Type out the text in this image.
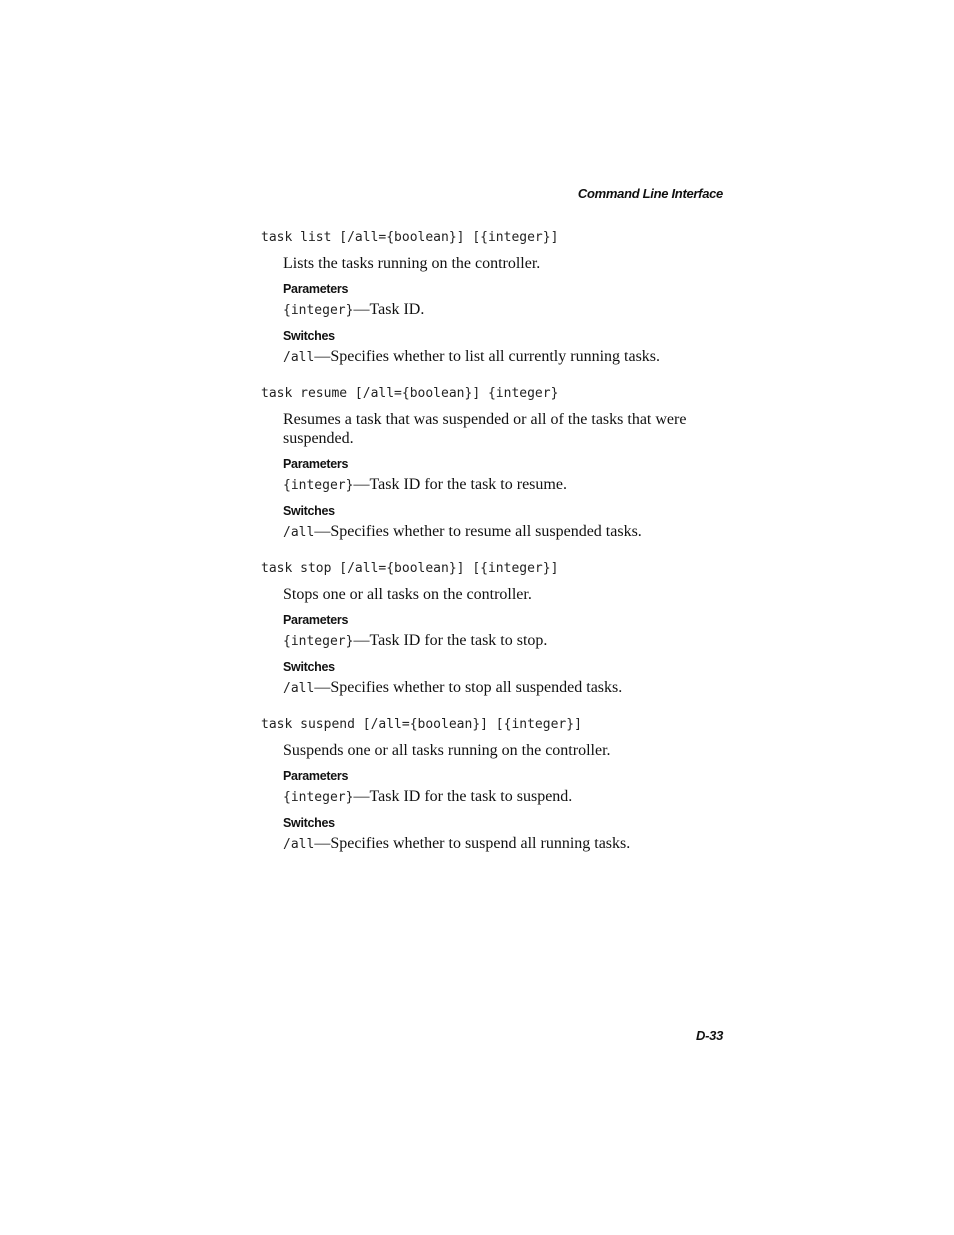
Command Line Interface

task list [/all={boolean}] [{integer}]

Lists the tasks running on the controller.

Parameters

{integer}—Task ID.

Switches

/all—Specifies whether to list all currently running tasks.

task resume [/all={boolean}] {integer}

Resumes a task that was suspended or all of the tasks that were suspended.

Parameters

{integer}—Task ID for the task to resume.

Switches

/all—Specifies whether to resume all suspended tasks.

task stop [/all={boolean}] [{integer}]

Stops one or all tasks on the controller.

Parameters

{integer}—Task ID for the task to stop.

Switches

/all—Specifies whether to stop all suspended tasks.

task suspend [/all={boolean}] [{integer}]

Suspends one or all tasks running on the controller.

Parameters

{integer}—Task ID for the task to suspend.

Switches

/all—Specifies whether to suspend all running tasks.

D-33
